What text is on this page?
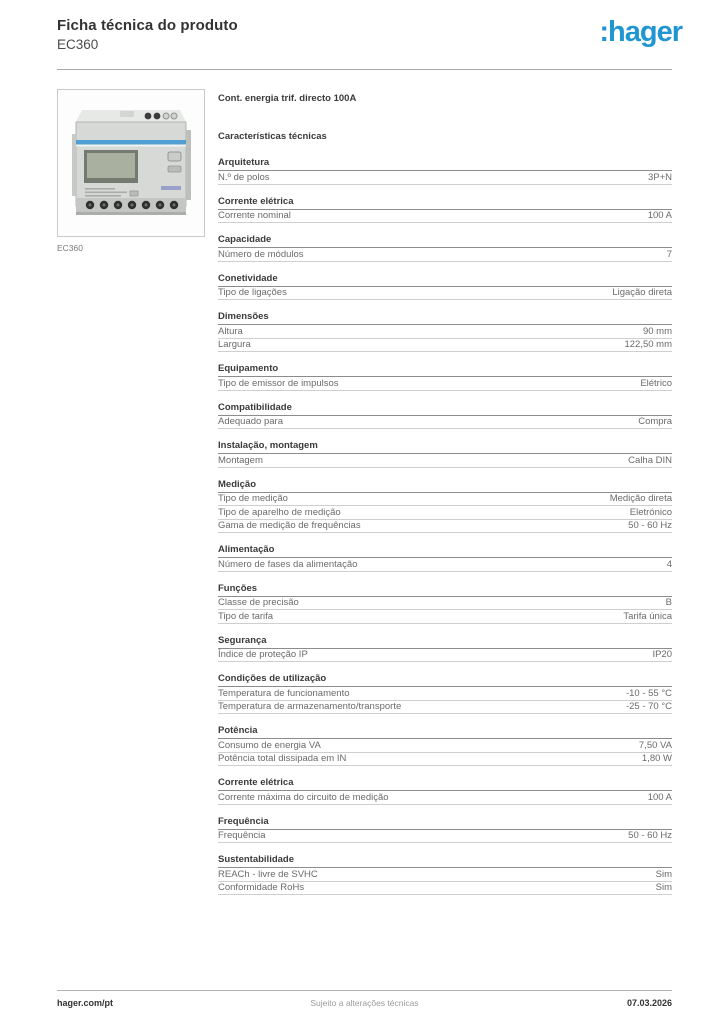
Ficha técnica do produto
EC360	:hager
EC360
Cont. energia trif. directo 100A
Características técnicas
Arquitetura
N.º de polos	3P+N
Corrente elétrica
Corrente nominal	100 A
Capacidade
Número de módulos	7
Conetividade
Tipo de ligações	Ligação direta
Dimensões
Altura	90 mm
Largura	122,50 mm
Equipamento
Tipo de emissor de impulsos	Elétrico
Compatibilidade
Adequado para	Compra
Instalação, montagem
Montagem	Calha DIN
Medição
Tipo de medição	Medição direta
Tipo de aparelho de medição	Eletrónico
Gama de medição de frequências	50 - 60 Hz
Alimentação
Número de fases da alimentação	4
Funções
Classe de precisão	B
Tipo de tarifa	Tarifa única
Segurança
Índice de proteção IP	IP20
Condições de utilização
Temperatura de funcionamento	-10 - 55 °C
Temperatura de armazenamento/transporte	-25 - 70 °C
Potência
Consumo de energia VA	7,50 VA
Potência total dissipada em IN	1,80 W
Corrente elétrica
Corrente máxima do circuito de medição	100 A
Frequência
Frequência	50 - 60 Hz
Sustentabilidade
REACh - livre de SVHC	Sim
Conformidade RoHs	Sim
Sujeito a alterações técnicas
hager.com/pt	07.03.2026
